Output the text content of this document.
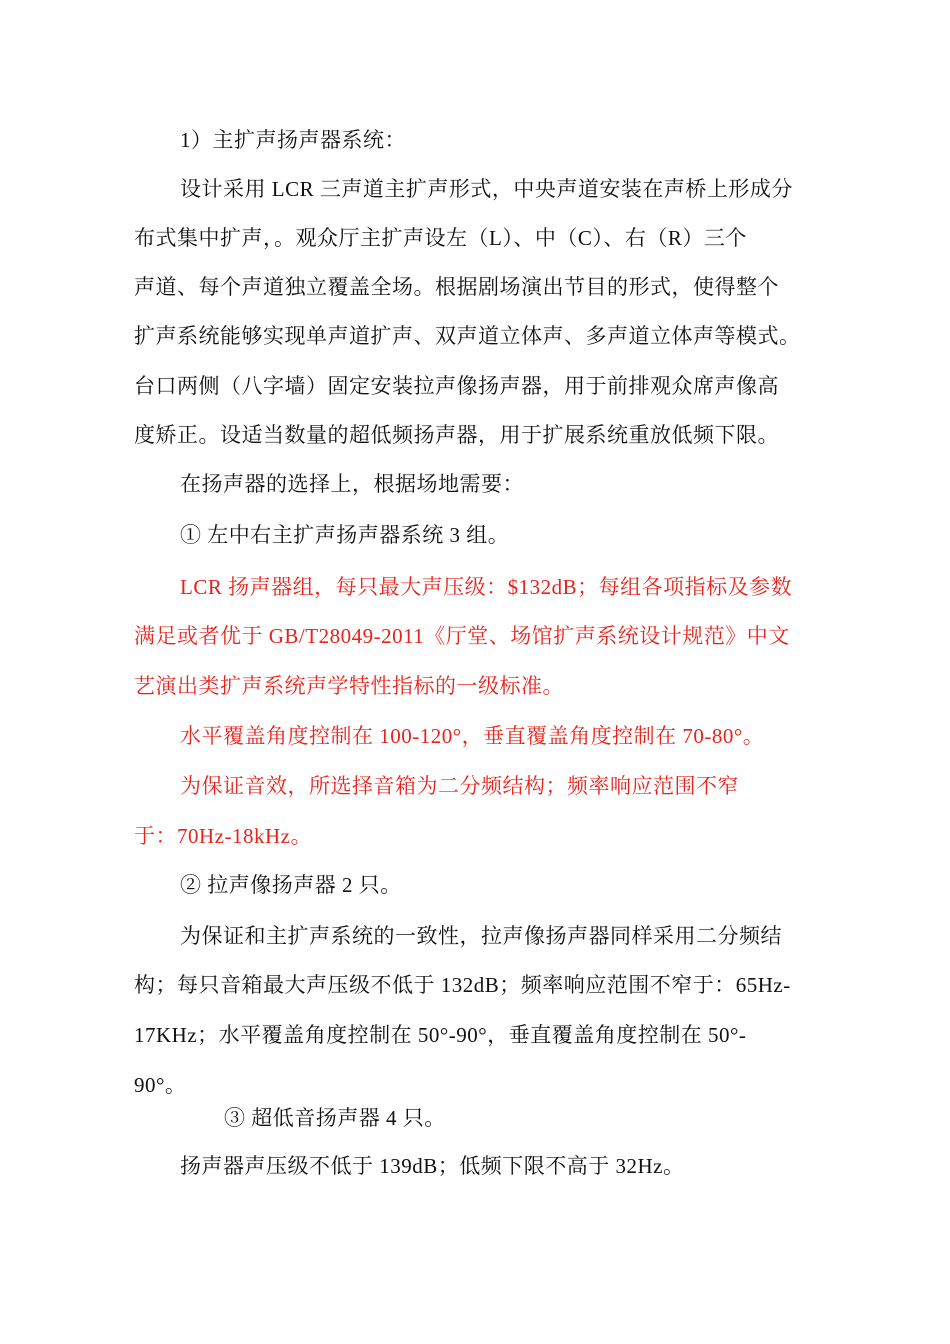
1）主扩声扬声器系统：
设计采用 LCR 三声道主扩声形式，中央声道安装在声桥上形成分
布式集中扩声，。观众厅主扩声设左（L）、中（C）、右（R）三个
声道、每个声道独立覆盖全场。根据剧场演出节目的形式，使得整个
扩声系统能够实现单声道扩声、双声道立体声、多声道立体声等模式。
台口两侧（八字墙）固定安装拉声像扬声器，用于前排观众席声像高
度矫正。设适当数量的超低频扬声器，用于扩展系统重放低频下限。
在扬声器的选择上，根据场地需要：
① 左中右主扩声扬声器系统 3 组。
LCR 扬声器组，每只最大声压级：$132dB；每组各项指标及参数
满足或者优于 GB/T28049-2011《厅堂、场馆扩声系统设计规范》中文
艺演出类扩声系统声学特性指标的一级标准。
水平覆盖角度控制在 100-120°，垂直覆盖角度控制在 70-80°。
为保证音效，所选择音箱为二分频结构；频率响应范围不窄
于：70Hz-18kHz。
② 拉声像扬声器 2 只。
为保证和主扩声系统的一致性，拉声像扬声器同样采用二分频结
构；每只音箱最大声压级不低于 132dB；频率响应范围不窄于：65Hz-
17KHz；水平覆盖角度控制在 50°-90°，垂直覆盖角度控制在 50°-
90°。
③ 超低音扬声器 4 只。
扬声器声压级不低于 139dB；低频下限不高于 32Hz。
